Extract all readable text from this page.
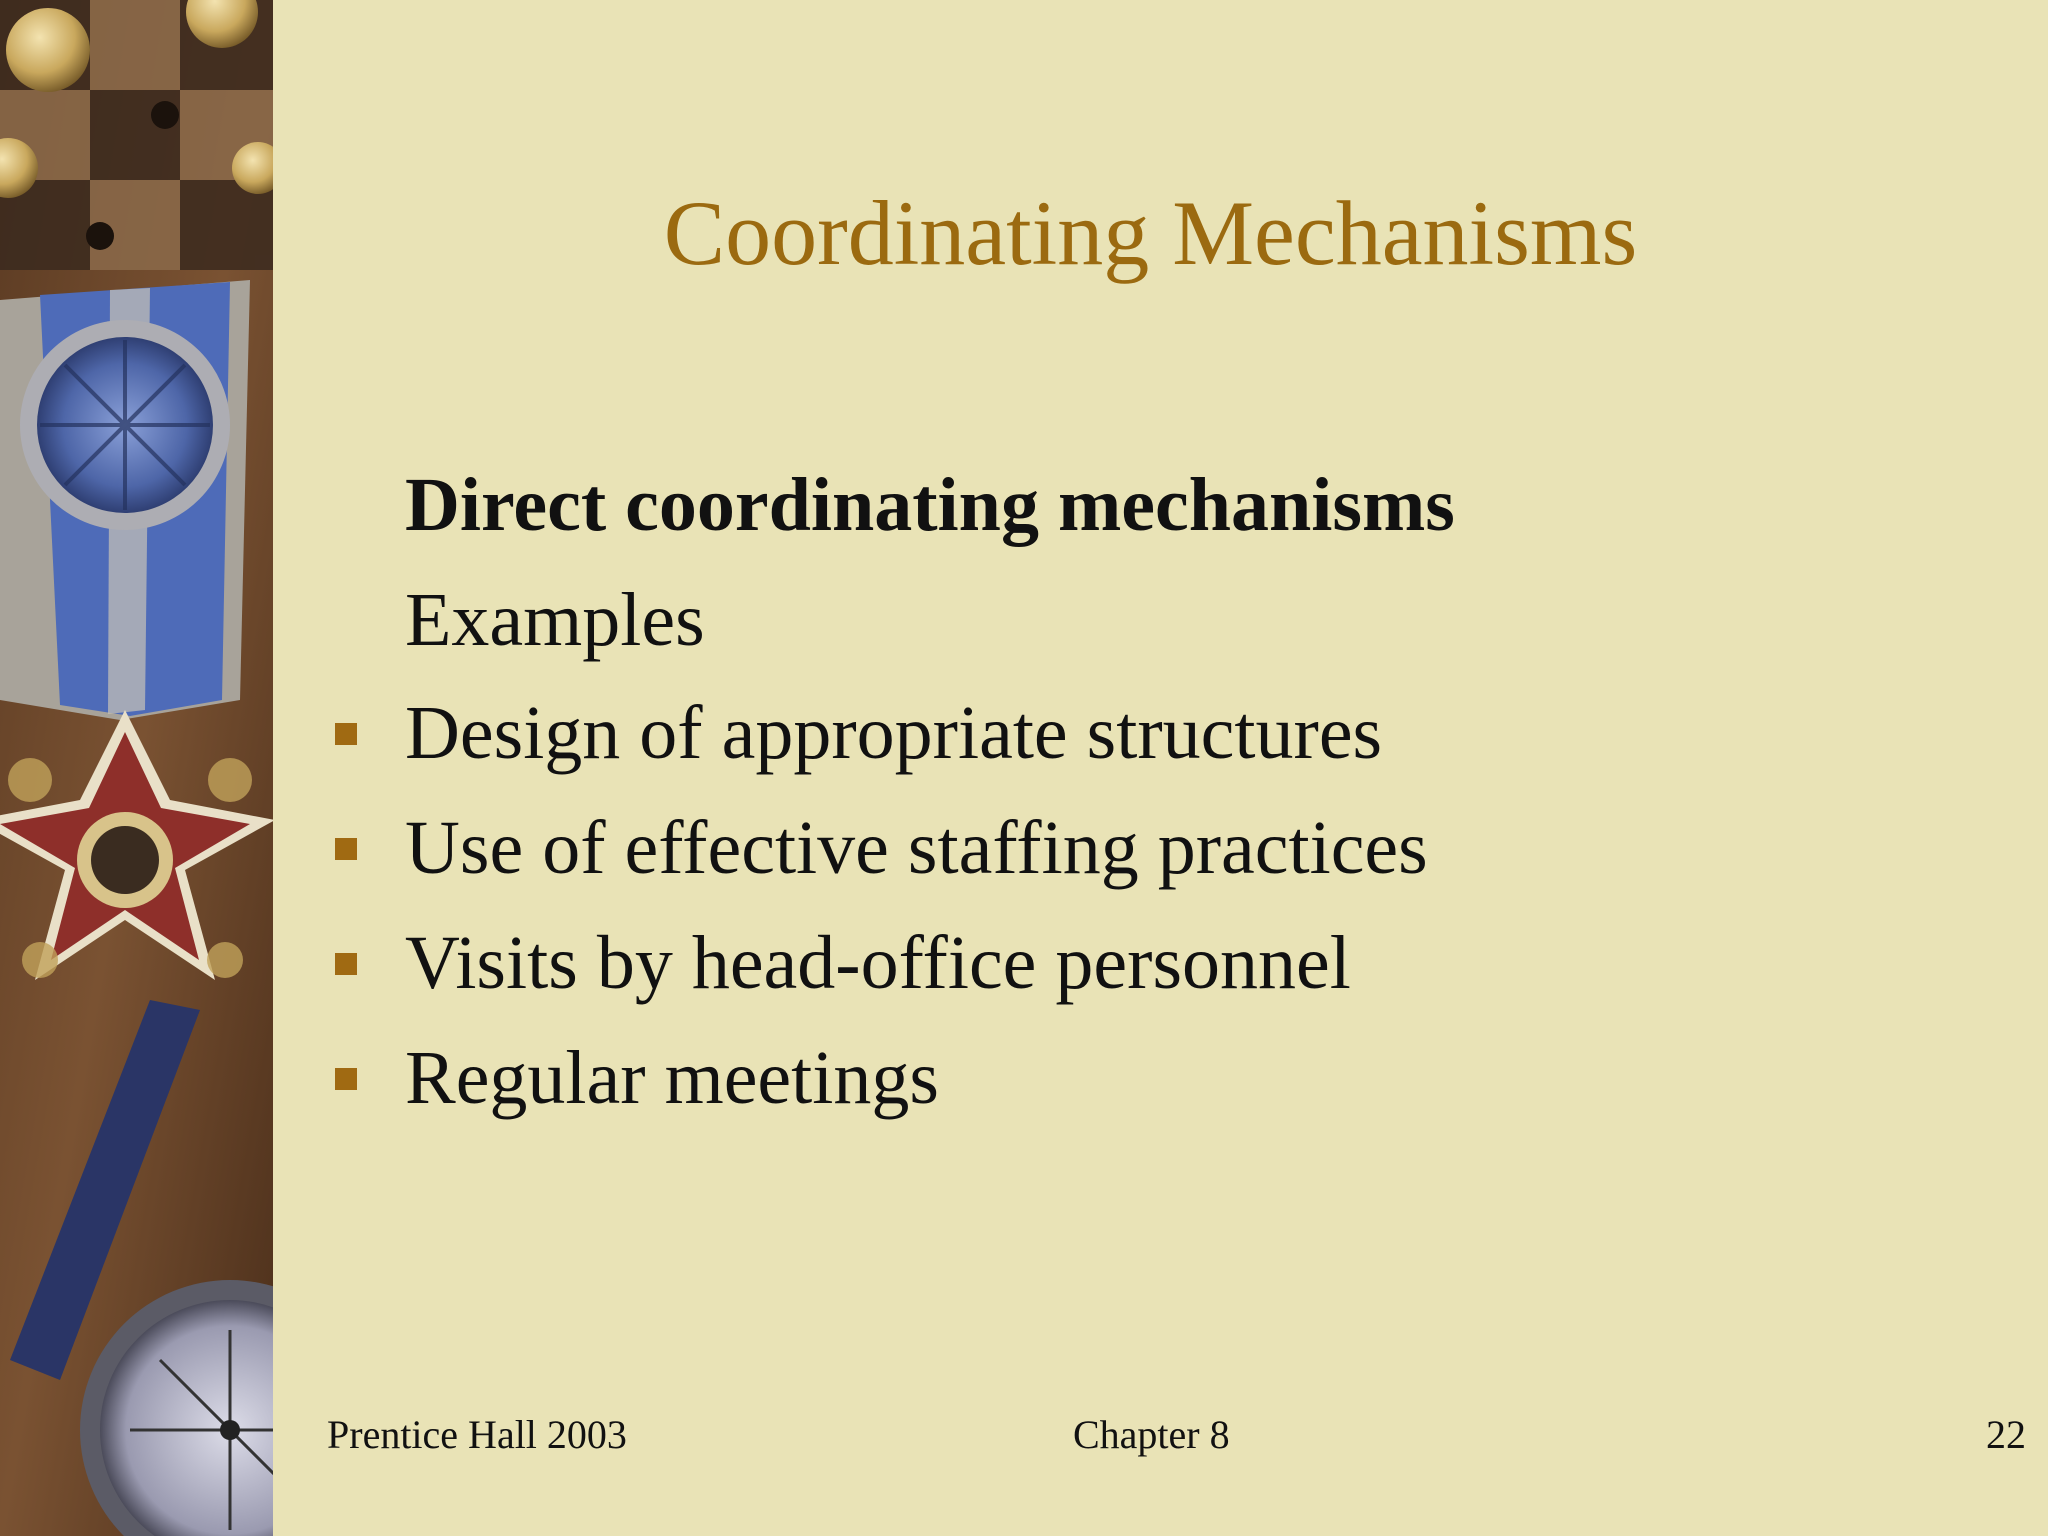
Coordinating Mechanisms
Direct coordinating mechanisms
Examples
Design of appropriate structures
Use of effective staffing practices
Visits by head-office personnel
Regular meetings
Prentice Hall 2003	Chapter 8	22
